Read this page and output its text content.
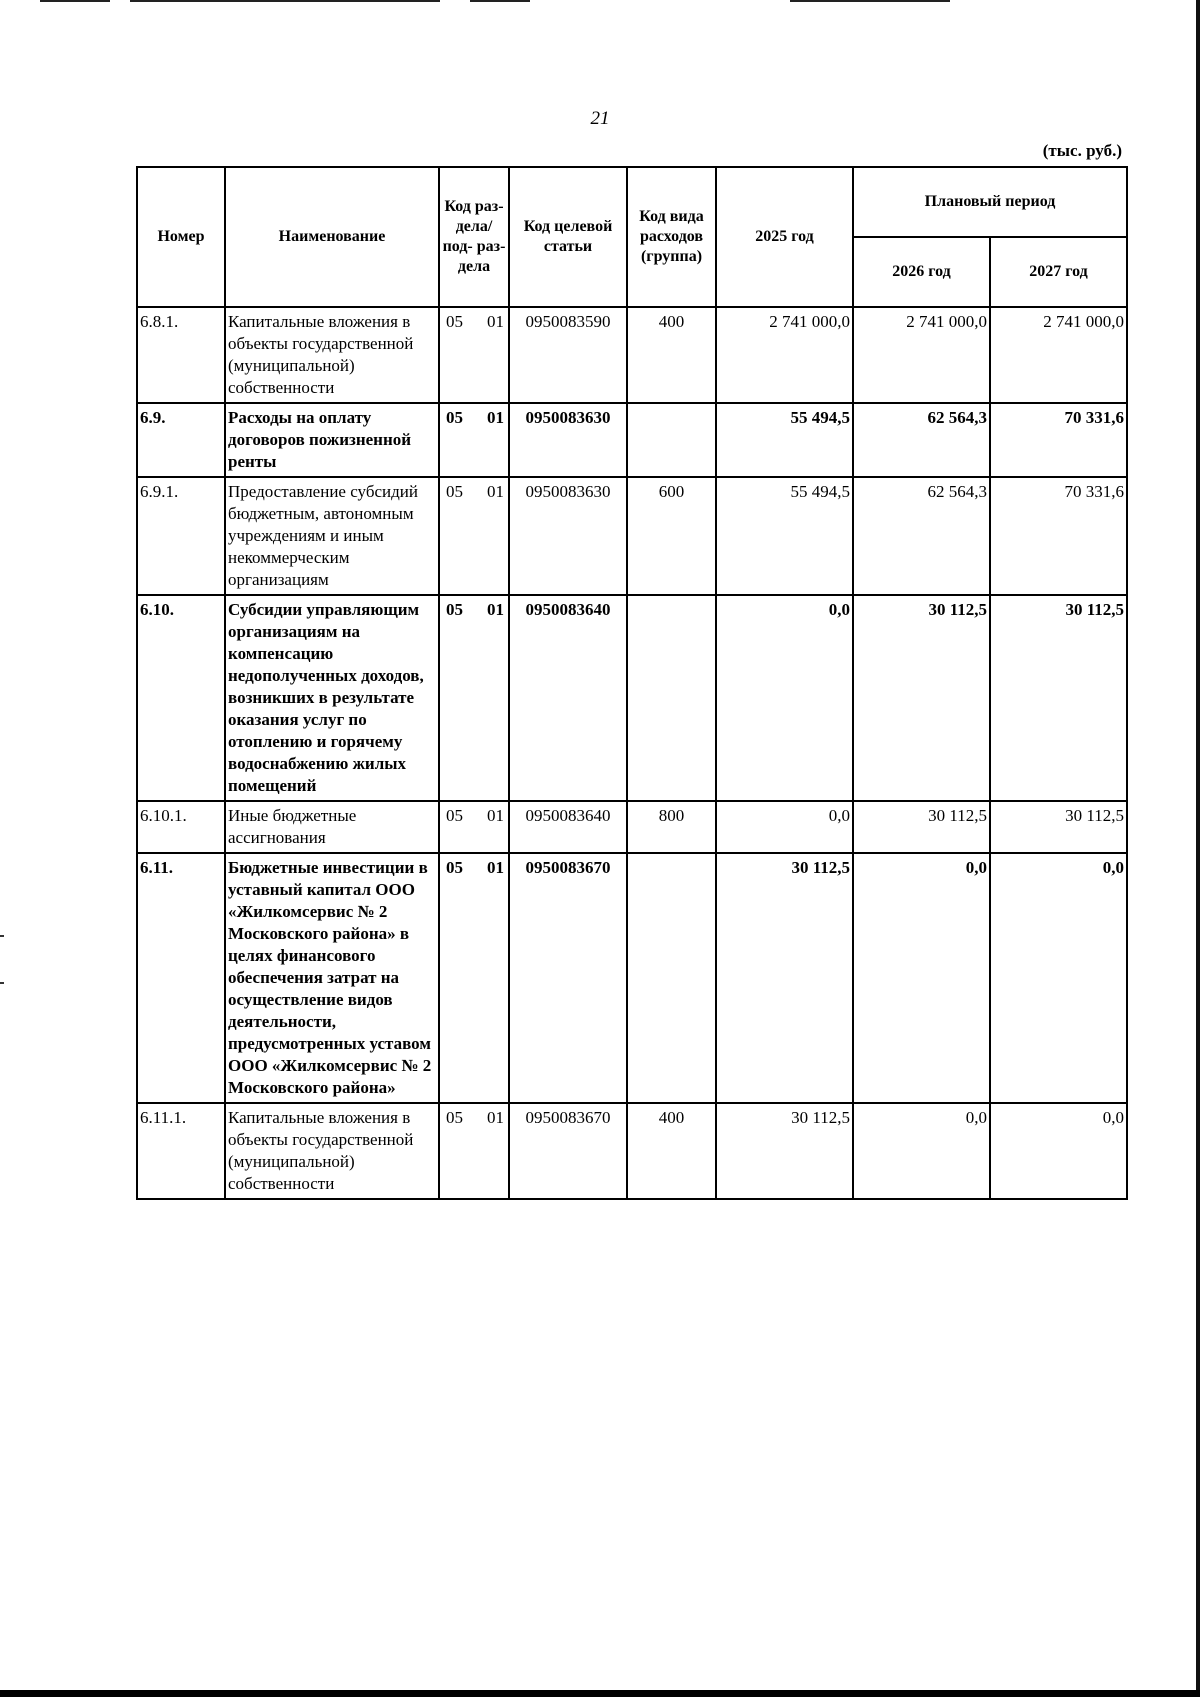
21
(тыс. руб.)
Номер	Наименование	Код раз- дела/ под- раз- дела	Код целевой статьи	Код вида расходов (группа)	2025 год	Плановый период	
						2026 год	2027 год
6.8.1.	Капитальные вложения в объекты государственной (муниципальной) собственности	05 01	0950083590	400	2 741 000,0	2 741 000,0	2 741 000,0
6.9.	Расходы на оплату договоров пожизненной ренты	05 01	0950083630		55 494,5	62 564,3	70 331,6
6.9.1.	Предоставление субсидий бюджетным, автономным учреждениям и иным некоммерческим организациям	05 01	0950083630	600	55 494,5	62 564,3	70 331,6
6.10.	Субсидии управляющим организациям на компенсацию недополученных доходов, возникших в результате оказания услуг по отоплению и горячему водоснабжению жилых помещений	05 01	0950083640		0,0	30 112,5	30 112,5
6.10.1.	Иные бюджетные ассигнования	05 01	0950083640	800	0,0	30 112,5	30 112,5
6.11.	Бюджетные инвестиции в уставный капитал ООО «Жилкомсервис № 2 Московского района» в целях финансового обеспечения затрат на осуществление видов деятельности, предусмотренных уставом ООО «Жилкомсервис № 2 Московского района»	05 01	0950083670		30 112,5	0,0	0,0
6.11.1.	Капитальные вложения в объекты государственной (муниципальной) собственности	05 01	0950083670	400	30 112,5	0,0	0,0
